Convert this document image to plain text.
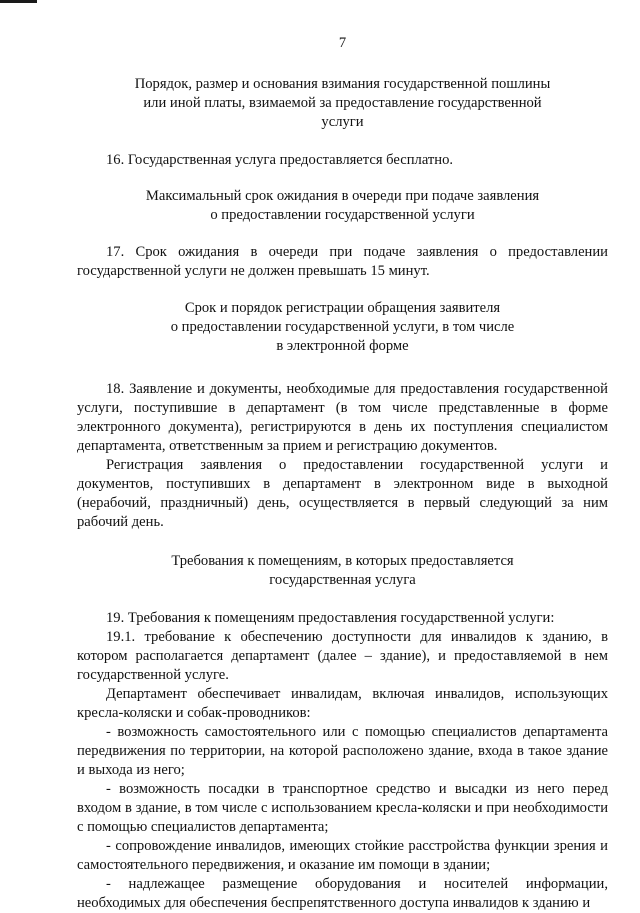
7
Порядок, размер и основания взимания государственной пошлины
или иной платы, взимаемой за предоставление государственной
услуги

16. Государственная услуга предоставляется бесплатно.

Максимальный срок ожидания в очереди при подаче заявления
о предоставлении государственной услуги

17. Срок ожидания в очереди при подаче заявления о предоставлении государственной услуги не должен превышать 15 минут.

Срок и порядок регистрации обращения заявителя
о предоставлении государственной услуги, в том числе
в электронной форме

18. Заявление и документы, необходимые для предоставления государственной услуги, поступившие в департамент (в том числе представленные в форме электронного документа), регистрируются в день их поступления специалистом департамента, ответственным за прием и регистрацию документов.

Регистрация заявления о предоставлении государственной услуги и документов, поступивших в департамент в электронном виде в выходной (нерабочий, праздничный) день, осуществляется в первый следующий за ним рабочий день.

Требования к помещениям, в которых предоставляется
государственная услуга

19. Требования к помещениям предоставления государственной услуги:

19.1. требование к обеспечению доступности для инвалидов к зданию, в котором располагается департамент (далее – здание), и предоставляемой в нем государственной услуге.

Департамент обеспечивает инвалидам, включая инвалидов, использующих кресла-коляски и собак-проводников:

- возможность самостоятельного или с помощью специалистов департамента передвижения по территории, на которой расположено здание, входа в такое здание и выхода из него;

- возможность посадки в транспортное средство и высадки из него перед входом в здание, в том числе с использованием кресла-коляски и при необходимости с помощью специалистов департамента;

- сопровождение инвалидов, имеющих стойкие расстройства функции зрения и самостоятельного передвижения, и оказание им помощи в здании;

- надлежащее размещение оборудования и носителей информации, необходимых для обеспечения беспрепятственного доступа инвалидов к зданию и
